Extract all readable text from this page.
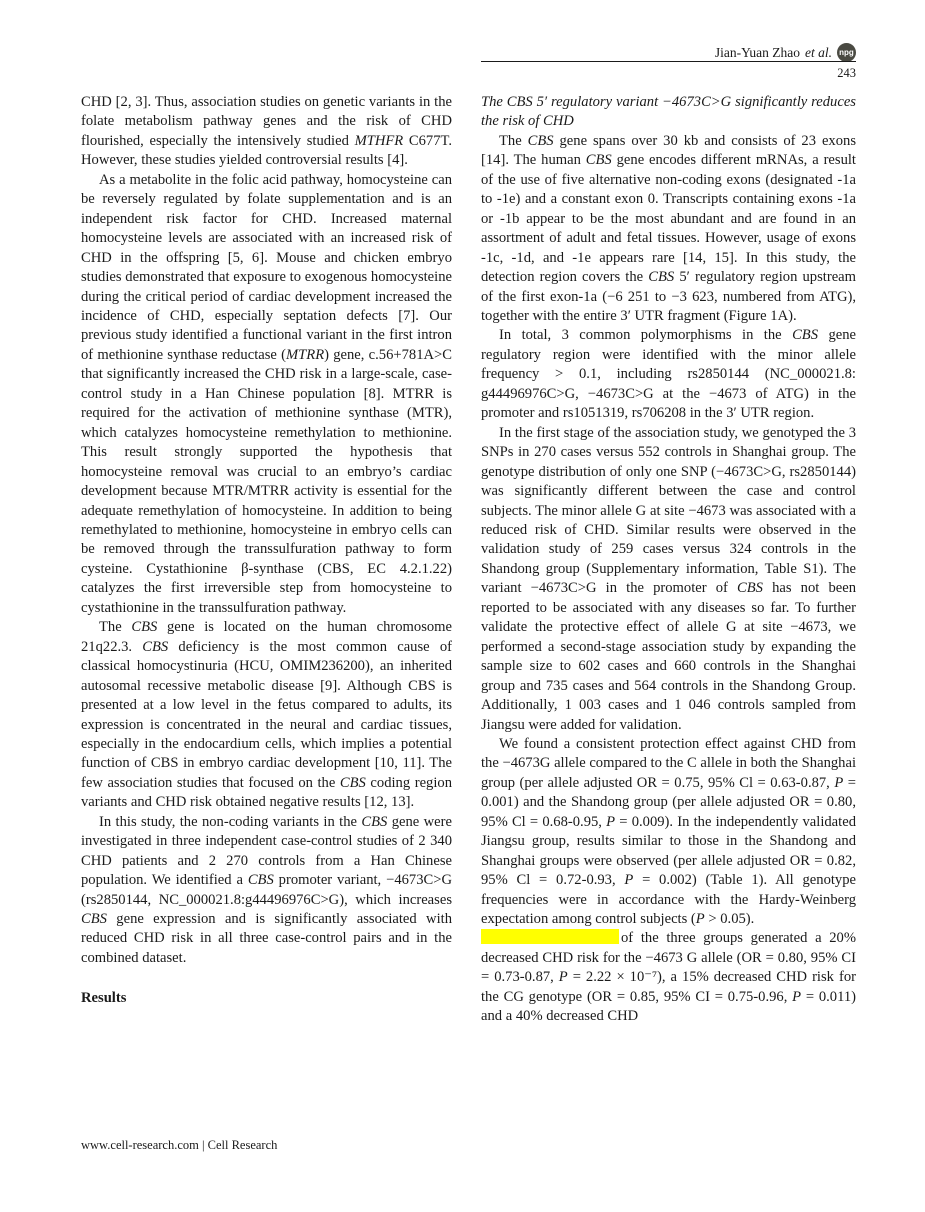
Jian-Yuan Zhao et al. npg
243

CHD [2, 3]. Thus, association studies on genetic variants in the folate metabolism pathway genes and the risk of CHD flourished, especially the intensively studied MTHFR C677T. However, these studies yielded controversial results [4].

As a metabolite in the folic acid pathway, homocysteine can be reversely regulated by folate supplementation and is an independent risk factor for CHD. Increased maternal homocysteine levels are associated with an increased risk of CHD in the offspring [5, 6]. Mouse and chicken embryo studies demonstrated that exposure to exogenous homocysteine during the critical period of cardiac development increased the incidence of CHD, especially septation defects [7]. Our previous study identified a functional variant in the first intron of methionine synthase reductase (MTRR) gene, c.56+781A>C that significantly increased the CHD risk in a large-scale, case-control study in a Han Chinese population [8]. MTRR is required for the activation of methionine synthase (MTR), which catalyzes homocysteine remethylation to methionine. This result strongly supported the hypothesis that homocysteine removal was crucial to an embryo’s cardiac development because MTR/MTRR activity is essential for the adequate remethylation of homocysteine. In addition to being remethylated to methionine, homocysteine in embryo cells can be removed through the transsulfuration pathway to form cysteine. Cystathionine β-synthase (CBS, EC 4.2.1.22) catalyzes the first irreversible step from homocysteine to cystathionine in the transsulfuration pathway.

The CBS gene is located on the human chromosome 21q22.3. CBS deficiency is the most common cause of classical homocystinuria (HCU, OMIM236200), an inherited autosomal recessive metabolic disease [9]. Although CBS is presented at a low level in the fetus compared to adults, its expression is concentrated in the neural and cardiac tissues, especially in the endocardium cells, which implies a potential function of CBS in embryo cardiac development [10, 11]. The few association studies that focused on the CBS coding region variants and CHD risk obtained negative results [12, 13].

In this study, the non-coding variants in the CBS gene were investigated in three independent case-control studies of 2 340 CHD patients and 2 270 controls from a Han Chinese population. We identified a CBS promoter variant, −4673C>G (rs2850144, NC_000021.8:g44496976C>G), which increases CBS gene expression and is significantly associated with reduced CHD risk in all three case-control pairs and in the combined dataset.

Results

The CBS 5′ regulatory variant −4673C>G significantly reduces the risk of CHD

The CBS gene spans over 30 kb and consists of 23 exons [14]. The human CBS gene encodes different mRNAs, a result of the use of five alternative non-coding exons (designated -1a to -1e) and a constant exon 0. Transcripts containing exons -1a or -1b appear to be the most abundant and are found in an assortment of adult and fetal tissues. However, usage of exons -1c, -1d, and -1e appears rare [14, 15]. In this study, the detection region covers the CBS 5′ regulatory region upstream of the first exon-1a (−6 251 to −3 623, numbered from ATG), together with the entire 3′ UTR fragment (Figure 1A).

In total, 3 common polymorphisms in the CBS gene regulatory region were identified with the minor allele frequency > 0.1, including rs2850144 (NC_000021.8: g44496976C>G, −4673C>G at the −4673 of ATG) in the promoter and rs1051319, rs706208 in the 3′ UTR region.

In the first stage of the association study, we genotyped the 3 SNPs in 270 cases versus 552 controls in Shanghai group. The genotype distribution of only one SNP (−4673C>G, rs2850144) was significantly different between the case and control subjects. The minor allele G at site −4673 was associated with a reduced risk of CHD. Similar results were observed in the validation study of 259 cases versus 324 controls in the Shandong group (Supplementary information, Table S1). The variant −4673C>G in the promoter of CBS has not been reported to be associated with any diseases so far. To further validate the protective effect of allele G at site −4673, we performed a second-stage association study by expanding the sample size to 602 cases and 660 controls in the Shanghai group and 735 cases and 564 controls in the Shandong Group. Additionally, 1 003 cases and 1 046 controls sampled from Jiangsu were added for validation.

We found a consistent protection effect against CHD from the −4673G allele compared to the C allele in both the Shanghai group (per allele adjusted OR = 0.75, 95% Cl = 0.63-0.87, P = 0.001) and the Shandong group (per allele adjusted OR = 0.80, 95% Cl = 0.68-0.95, P = 0.009). In the independently validated Jiangsu group, results similar to those in the Shandong and Shanghai groups were observed (per allele adjusted OR = 0.82, 95% Cl = 0.72-0.93, P = 0.002) (Table 1). All genotype frequencies were in accordance with the Hardy-Weinberg expectation among control subjects (P > 0.05).

of the three groups generated a 20% decreased CHD risk for the −4673 G allele (OR = 0.80, 95% CI = 0.73-0.87, P = 2.22 × 10⁻⁷), a 15% decreased CHD risk for the CG genotype (OR = 0.85, 95% CI = 0.75-0.96, P = 0.011) and a 40% decreased CHD

www.cell-research.com | Cell Research
